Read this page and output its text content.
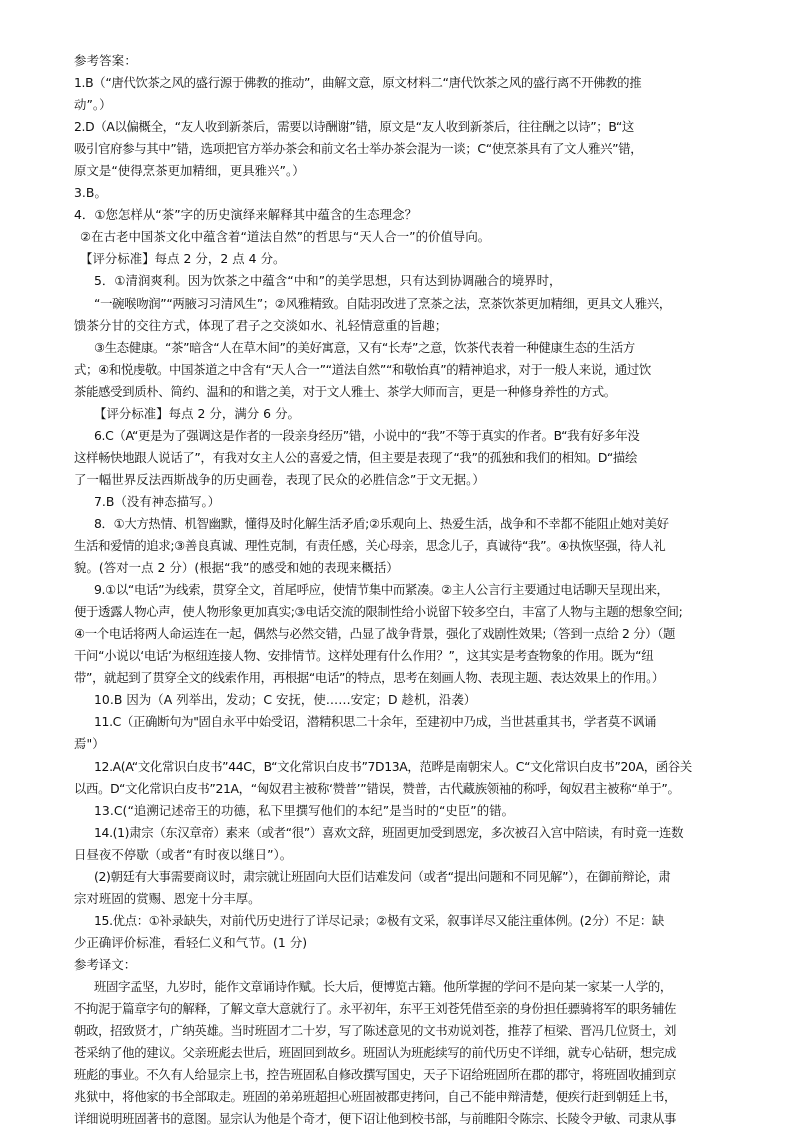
参考答案：
1.B（“唐代饮茶之风的盛行源于佛教的推动”，曲解文意，原文材料二“唐代饮茶之风的盛行离不开佛教的推
动”。）
2.D（A以偏概全，“友人收到新茶后，需要以诗酬谢”错，原文是“友人收到新茶后，往往酬之以诗”；B“这
吸引官府参与其中”错，选项把官方举办茶会和前文名士举办茶会混为一谈；C“使烹茶具有了文人雅兴”错，
原文是“使得烹茶更加精细，更具雅兴”。）
3.B。
4．①您怎样从“茶”字的历史演绎来解释其中蕴含的生态理念？
②在古老中国茶文化中蕴含着“道法自然”的哲思与“天人合一”的价值导向。
【评分标准】每点 2 分，2 点 4 分。
5．①清润爽利。因为饮茶之中蕴含“中和”的美学思想，只有达到协调融合的境界时，
“一碗喉吻润”“两腋习习清风生”；②风雅精致。自陆羽改进了烹茶之法，烹茶饮茶更加精细，更具文人雅兴，
馈茶分甘的交往方式，体现了君子之交淡如水、礼轻情意重的旨趣；
③生态健康。“茶”暗含“人在草木间”的美好寓意，又有“长寿”之意，饮茶代表着一种健康生态的生活方
式；④和悦虔敬。中国茶道之中含有“天人合一”“道法自然”“和敬怡真”的精神追求，对于一般人来说，通过饮
茶能感受到质朴、简约、温和的和谐之美，对于文人雅士、茶学大师而言，更是一种修身养性的方式。
【评分标准】每点 2 分，满分 6 分。
6.C（A“更是为了强调这是作者的一段亲身经历”错，小说中的“我”不等于真实的作者。B“我有好多年没
这样畅快地跟人说话了”，有我对女主人公的喜爱之情，但主要是表现了“我”的孤独和我们的相知。D“描绘
了一幅世界反法西斯战争的历史画卷，表现了民众的必胜信念”于文无据。）
7.B（没有神态描写。）
8．①大方热情、机智幽默，懂得及时化解生活矛盾;②乐观向上、热爱生活，战争和不幸都不能阻止她对美好
生活和爱情的追求;③善良真诚、理性克制，有责任感，关心母亲，思念儿子，真诚待“我”。④执恢坚强，待人礼
貌。(答对一点 2 分）(根据“我”的感受和她的表现来概括）
9.①以“电话”为线索，贯穿全文，首尾呼应，使情节集中而紧凑。②主人公言行主要通过电话聊天呈现出来，
便于透露人物心声，使人物形象更加真实;③电话交流的限制性给小说留下较多空白，丰富了人物与主题的想象空间;
④一个电话将两人命运连在一起，偶然与必然交错，凸显了战争背景，强化了戏剧性效果;（答到一点给 2 分）（题
干问“小说以‘电话’为枢纽连接人物、安排情节。这样处理有什么作用？”，这其实是考查物象的作用。既为“纽
带”，就起到了贯穿全文的线索作用，再根据“电话”的特点，思考在刻画人物、表现主题、表达效果上的作用。）
10.B 因为（A 列举出，发动；C 安抚，使……安定；D 趁机，沿袭）
11.C（正确断句为"固自永平中始受诏，潜精积思二十余年，至建初中乃成，当世甚重其书，学者莫不讽诵
焉"）
12.A(A“文化常识白皮书”44C，B“文化常识白皮书”7D13A，范晔是南朝宋人。C“文化常识白皮书”20A，函谷关
以西。D“文化常识白皮书”21A，“匈奴君主被称‘赞普’”错误，赞普，古代藏族领袖的称呼，匈奴君主被称“单于”。
13.C(“追溯记述帝王的功德，私下里撰写他们的本纪”是当时的“史臣”的错。
14.(1)肃宗（东汉章帝）素来（或者“很”）喜欢文辞，班固更加受到恩宠，多次被召入宫中陪读，有时竟一连数
日昼夜不停歇（或者“有时夜以继日”）。
(2)朝廷有大事需要商议时，肃宗就让班固向大臣们诘难发问（或者“提出问题和不同见解”），在御前辩论，肃
宗对班固的赏赐、恩宠十分丰厚。
15.优点：①补录缺失，对前代历史进行了详尽记录；②极有文采，叙事详尽又能注重体例。(2分）不足：缺
少正确评价标准，看轻仁义和气节。(1 分)
参考译文：
班固字孟坚，九岁时，能作文章诵诗作赋。长大后，便博览古籍。他所掌握的学问不是向某一家某一人学的，
不拘泥于篇章字句的解释，了解文章大意就行了。永平初年，东平王刘苍凭借至亲的身份担任骠骑将军的职务辅佐
朝政，招致贤才，广纳英雄。当时班固才二十岁，写了陈述意见的文书劝说刘苍，推荐了桓梁、晋冯几位贤士，刘
苍采纳了他的建议。父亲班彪去世后，班固回到故乡。班固认为班彪续写的前代历史不详细，就专心钻研，想完成
班彪的事业。不久有人给显宗上书，控告班固私自修改撰写国史，天子下诏给班固所在郡的郡守，将班固收捕到京
兆狱中，将他家的书全部取走。班固的弟弟班超担心班固被郡吏拷问，自己不能申辩清楚，便疾行赶到朝廷上书，
详细说明班固著书的意图。显宗认为他是个奇才，便下诏让他到校书部，与前睢阳令陈宗、长陵令尹敏、司隶从事
